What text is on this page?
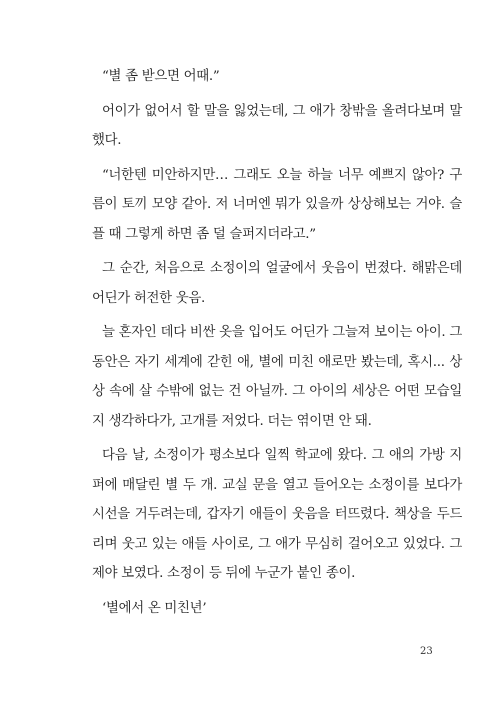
“별 좀 받으면 어때.”

어이가 없어서 할 말을 잃었는데, 그 애가 창밖을 올려다보며 말했다.

“너한텐 미안하지만… 그래도 오늘 하늘 너무 예쁘지 않아? 구름이 토끼 모양 같아. 저 너머엔 뭐가 있을까 상상해보는 거야. 슬플 때 그렇게 하면 좀 덜 슬퍼지더라고.”

그 순간, 처음으로 소정이의 얼굴에서 웃음이 번졌다. 해맑은데 어딘가 허전한 웃음.

늘 혼자인 데다 비싼 옷을 입어도 어딘가 그늘져 보이는 아이. 그동안은 자기 세계에 갇힌 애, 별에 미친 애로만 봤는데, 혹시... 상상 속에 살 수밖에 없는 건 아닐까. 그 아이의 세상은 어떤 모습일지 생각하다가, 고개를 저었다. 더는 엮이면 안 돼.

다음 날, 소정이가 평소보다 일찍 학교에 왔다. 그 애의 가방 지퍼에 매달린 별 두 개. 교실 문을 열고 들어오는 소정이를 보다가 시선을 거두려는데, 갑자기 애들이 웃음을 터뜨렸다. 책상을 두드리며 웃고 있는 애들 사이로, 그 애가 무심히 걸어오고 있었다. 그제야 보였다. 소정이 등 뒤에 누군가 붙인 종이.

‘별에서 온 미친년’

23
